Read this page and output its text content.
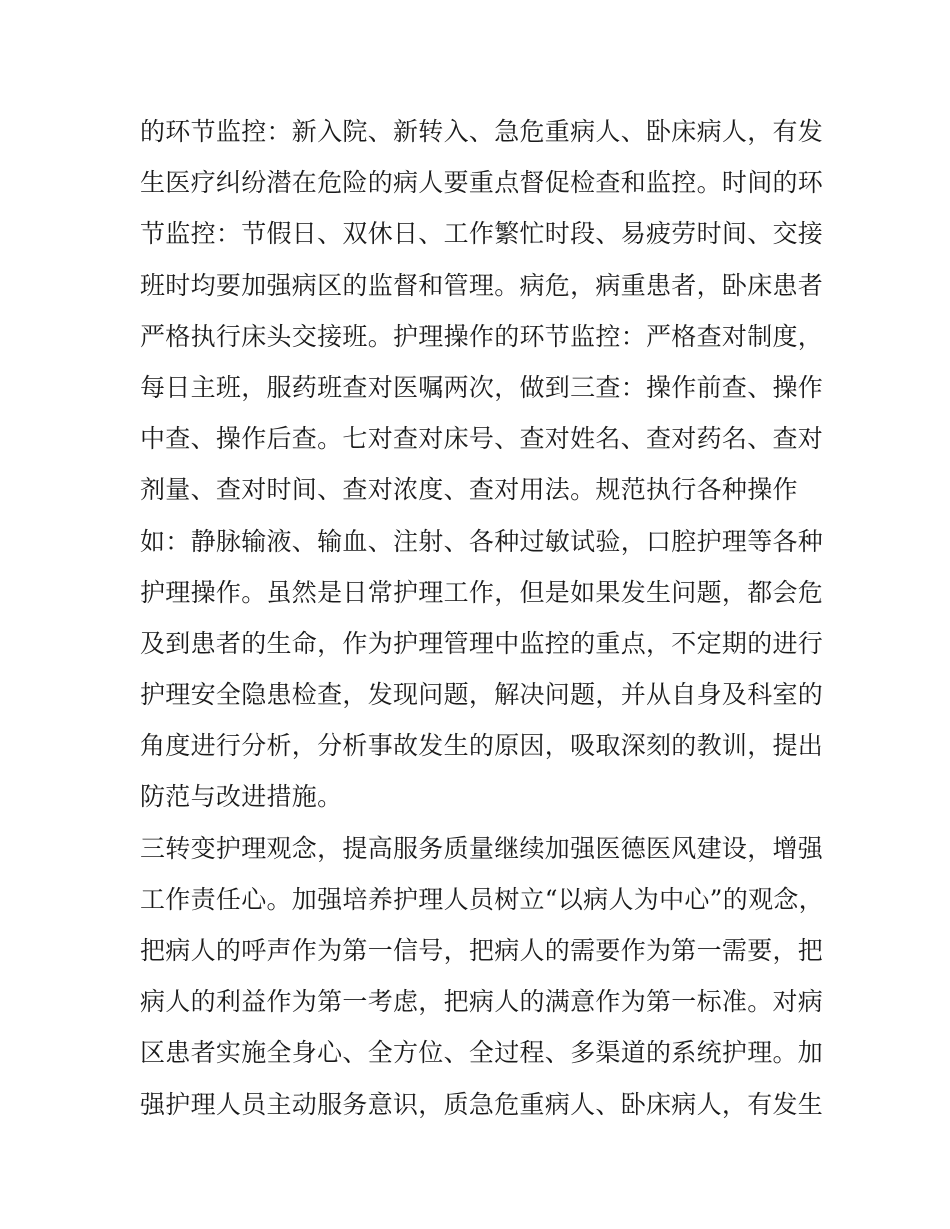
的环节监控：新入院、新转入、急危重病人、卧床病人，有发
生医疗纠纷潜在危险的病人要重点督促检查和监控。时间的环
节监控：节假日、双休日、工作繁忙时段、易疲劳时间、交接
班时均要加强病区的监督和管理。病危，病重患者，卧床患者
严格执行床头交接班。护理操作的环节监控：严格查对制度，
每日主班，服药班查对医嘱两次，做到三查：操作前查、操作
中查、操作后查。七对查对床号、查对姓名、查对药名、查对
剂量、查对时间、查对浓度、查对用法。规范执行各种操作
如：静脉输液、输血、注射、各种过敏试验，口腔护理等各种
护理操作。虽然是日常护理工作，但是如果发生问题，都会危
及到患者的生命，作为护理管理中监控的重点，不定期的进行
护理安全隐患检查，发现问题，解决问题，并从自身及科室的
角度进行分析，分析事故发生的原因，吸取深刻的教训，提出
防范与改进措施。
三转变护理观念，提高服务质量继续加强医德医风建设，增强
工作责任心。加强培养护理人员树立“以病人为中心”的观念，
把病人的呼声作为第一信号，把病人的需要作为第一需要，把
病人的利益作为第一考虑，把病人的满意作为第一标准。对病
区患者实施全身心、全方位、全过程、多渠道的系统护理。加
强护理人员主动服务意识，质急危重病人、卧床病人，有发生
